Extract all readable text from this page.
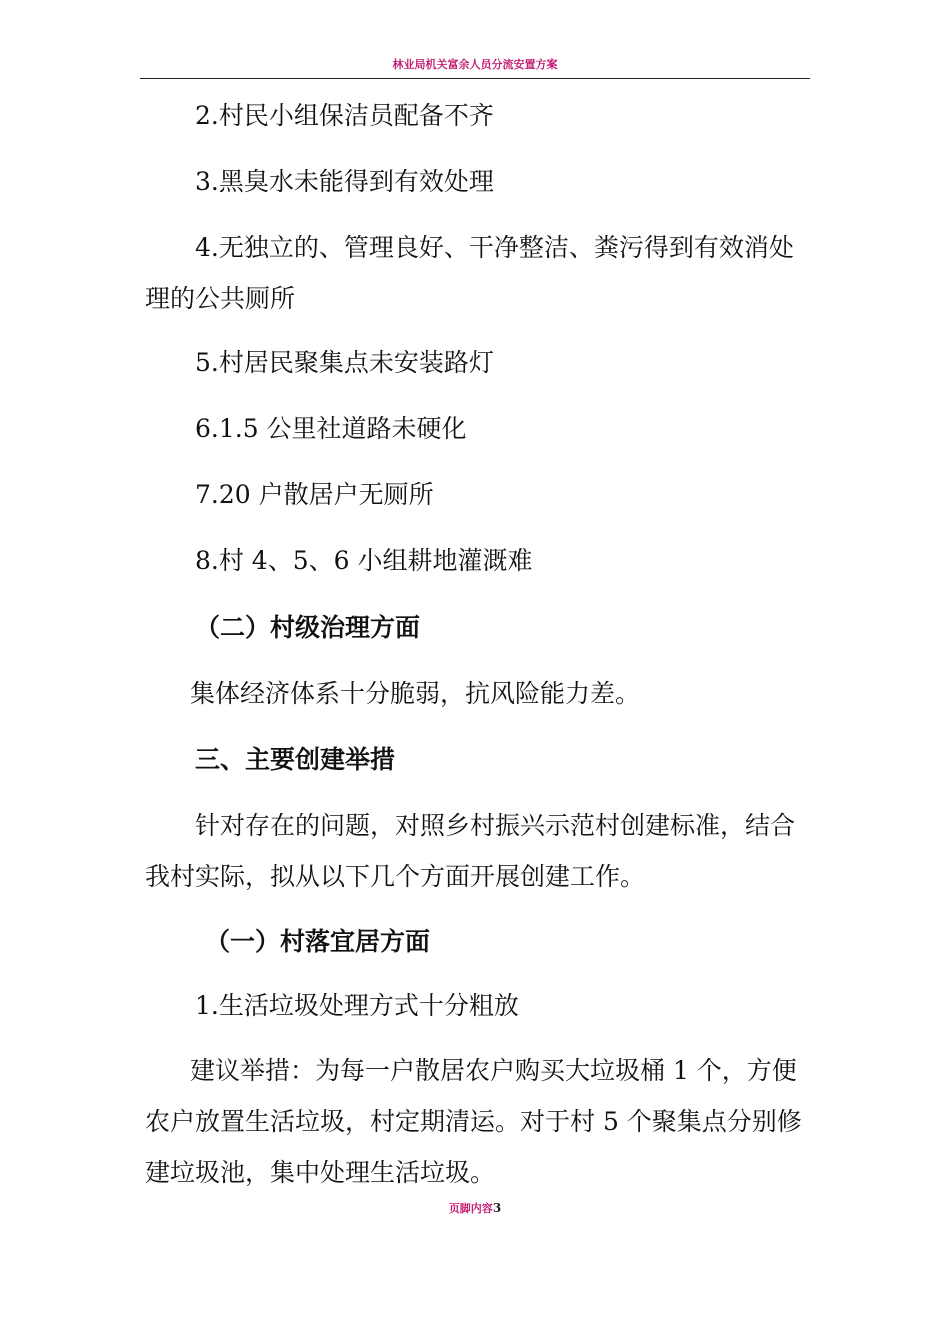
林业局机关富余人员分流安置方案
2.村民小组保洁员配备不齐
3.黑臭水未能得到有效处理
4.无独立的、管理良好、干净整洁、粪污得到有效消处
理的公共厕所
5.村居民聚集点未安装路灯
6.1.5 公里社道路未硬化
7.20 户散居户无厕所
8.村 4、5、6 小组耕地灌溉难
（二）村级治理方面
集体经济体系十分脆弱，抗风险能力差。
三、主要创建举措
针对存在的问题，对照乡村振兴示范村创建标准，结合
我村实际，拟从以下几个方面开展创建工作。
（一）村落宜居方面
1.生活垃圾处理方式十分粗放
建议举措：为每一户散居农户购买大垃圾桶 1 个，方便
农户放置生活垃圾，村定期清运。对于村 5 个聚集点分别修
建垃圾池，集中处理生活垃圾。
页脚内容3
